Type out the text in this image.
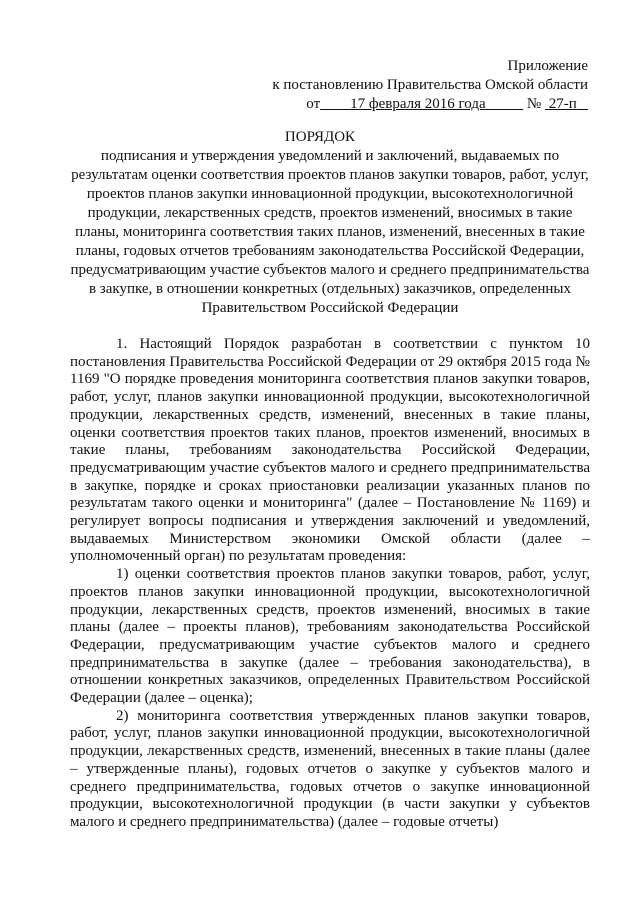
Приложение
к постановлению Правительства Омской области
от 17 февраля 2016 года	№ 27-п
ПОРЯДОК
подписания и утверждения уведомлений и заключений, выдаваемых по результатам оценки соответствия проектов планов закупки товаров, работ, услуг, проектов планов закупки инновационной продукции, высокотехнологичной продукции, лекарственных средств, проектов изменений, вносимых в такие планы, мониторинга соответствия таких планов, изменений, внесенных в такие планы, годовых отчетов требованиям законодательства Российской Федерации, предусматривающим участие субъектов малого и среднего предпринимательства в закупке, в отношении конкретных (отдельных) заказчиков, определенных Правительством Российской Федерации

1. Настоящий Порядок разработан в соответствии с пунктом 10 постановления Правительства Российской Федерации от 29 октября 2015 года № 1169 "О порядке проведения мониторинга соответствия планов закупки товаров, работ, услуг, планов закупки инновационной продукции, высокотехнологичной продукции, лекарственных средств, изменений, внесенных в такие планы, оценки соответствия проектов таких планов, проектов изменений, вносимых в такие планы, требованиям законодательства Российской Федерации, предусматривающим участие субъектов малого и среднего предпринимательства в закупке, порядке и сроках приостановки реализации указанных планов по результатам такого оценки и мониторинга" (далее – Постановление № 1169) и регулирует вопросы подписания и утверждения заключений и уведомлений, выдаваемых Министерством экономики Омской области (далее – уполномоченный орган) по результатам проведения:

1) оценки соответствия проектов планов закупки товаров, работ, услуг, проектов планов закупки инновационной продукции, высокотехнологичной продукции, лекарственных средств, проектов изменений, вносимых в такие планы (далее – проекты планов), требованиям законодательства Российской Федерации, предусматривающим участие субъектов малого и среднего предпринимательства в закупке (далее – требования законодательства), в отношении конкретных заказчиков, определенных Правительством Российской Федерации (далее – оценка);

2) мониторинга соответствия утвержденных планов закупки товаров, работ, услуг, планов закупки инновационной продукции, высокотехнологичной продукции, лекарственных средств, изменений, внесенных в такие планы (далее – утвержденные планы), годовых отчетов о закупке у субъектов малого и среднего предпринимательства, годовых отчетов о закупке инновационной продукции, высокотехнологичной продукции (в части закупки у субъектов малого и среднего предпринимательства) (далее – годовые отчеты)
